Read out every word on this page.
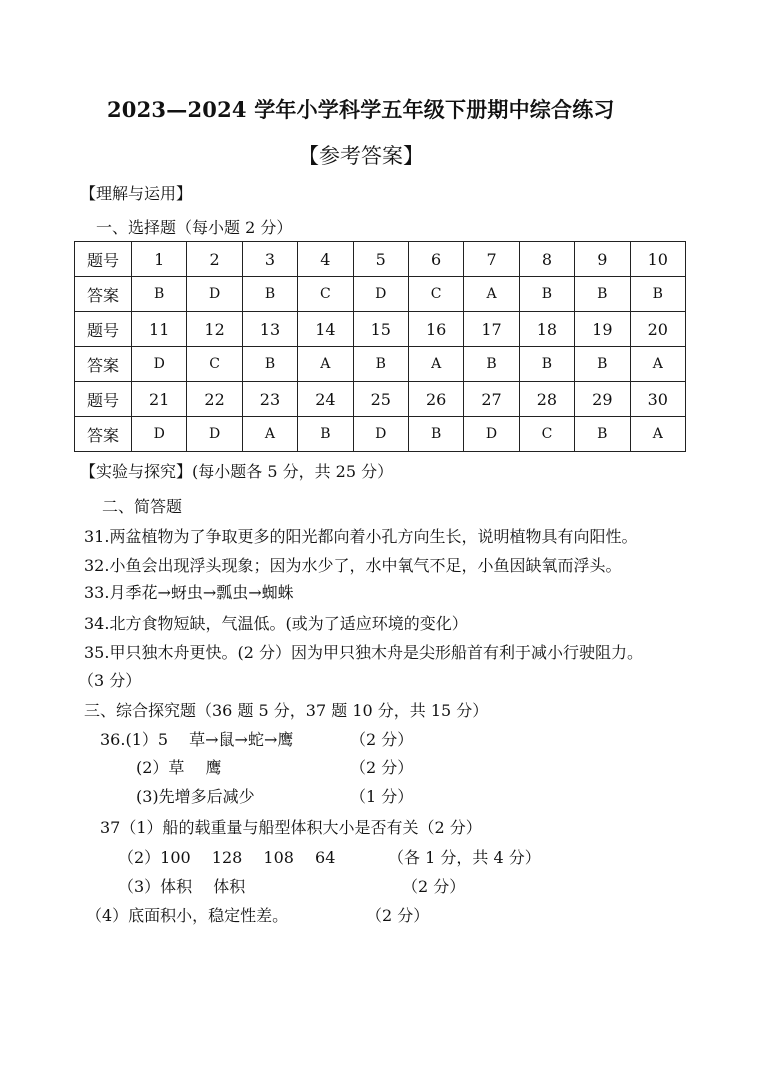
2023—2024 学年小学科学五年级下册期中综合练习
【参考答案】
【理解与运用】
一、选择题（每小题 2 分）
题号	1	2	3	4	5	6	7	8	9	10
答案	B	D	B	C	D	C	A	B	B	B
题号	11	12	13	14	15	16	17	18	19	20
答案	D	C	B	A	B	A	B	B	B	A
题号	21	22	23	24	25	26	27	28	29	30
答案	D	D	A	B	D	B	D	C	B	A
【实验与探究】(每小题各 5 分，共 25 分）
二、简答题
31.两盆植物为了争取更多的阳光都向着小孔方向生长，说明植物具有向阳性。
32.小鱼会出现浮头现象；因为水少了，水中氧气不足，小鱼因缺氧而浮头。
33.月季花→蚜虫→瓢虫→蜘蛛
34.北方食物短缺，气温低。(或为了适应环境的变化）
35.甲只独木舟更快。(2 分）因为甲只独木舟是尖形船首有利于减小行驶阻力。
（3 分）
三、综合探究题（36 题 5 分，37 题 10 分，共 15 分）
36.(1）5　 草→鼠→蛇→鹰	（2 分）
(2）草　 鹰	（2 分）
(3)先增多后减少	（1 分）
37（1）船的载重量与船型体积大小是否有关（2 分）
（2）100　 128　 108　 64	（各 1 分，共 4 分）
（3）体积　 体积	（2 分）
（4）底面积小，稳定性差。	（2 分）
